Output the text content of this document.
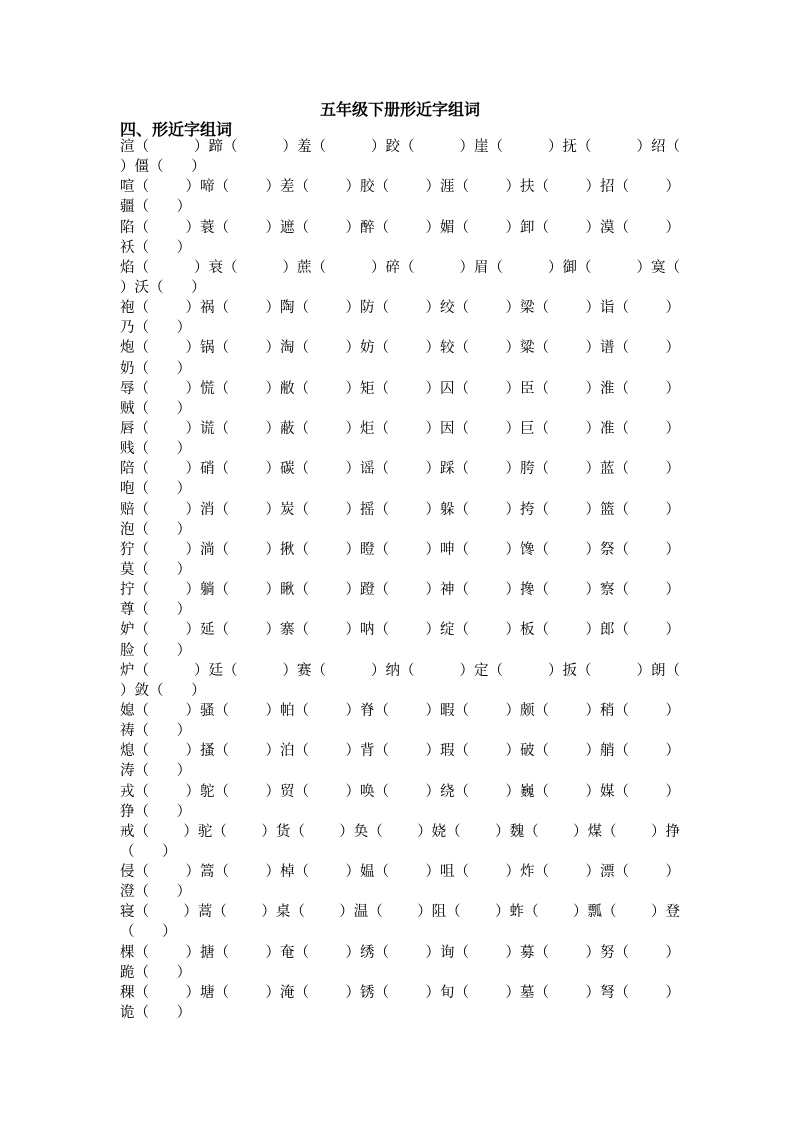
五年级下册形近字组词
四、形近字组词
渲（	）蹄（	）羞（	）跤（	）崖（	）抚（	）绍（
）僵（ ）
喧（	）啼（	）差（	）胶（	）涯（	）扶（	）招（	）
疆（ ）
陷（	）蓑（	）遮（	）醉（	）媚（	）卸（	）漠（	）
袄（ ）
焰（	）衰（	）蔗（	）碎（	）眉（	）御（	）寞（
）沃（ ）
袍（	）祸（	）陶（	）防（	）绞（	）梁（	）诣（	）
乃（ ）
炮（	）锅（	）淘（	）妨（	）较（	）粱（	）谱（	）
奶（ ）
辱（	）慌（	）敝（	）矩（	）囚（	）臣（	）淮（	）
贼（ ）
唇（	）谎（	）蔽（	）炬（	）因（	）巨（	）准（	）
贱（ ）
陪（	）硝（	）碳（	）谣（	）踩（	）胯（	）蓝（	）
咆（ ）
赔（	）消（	）炭（	）摇（	）躲（	）挎（	）篮（	）
泡（ ）
狞（	）淌（	）揪（	）瞪（	）呻（	）馋（	）祭（	）
莫（ ）
拧（	）躺（	）瞅（	）蹬（	）神（	）搀（	）察（	）
尊（ ）
妒（	）延（	）寨（	）呐（	）绽（	）板（	）郎（	）
脸（ ）
炉（	）廷（	）赛（	）纳（	）定（	）扳（	）朗（
）敛（ ）
媳（	）骚（	）帕（	）脊（	）暇（	）颇（	）稍（	）
祷（ ）
熄（	）搔（	）泊（	）背（	）瑕（	）破（	）艄（	）
涛（ ）
戎（	）鸵（	）贸（	）唤（	）绕（	）巍（	）媒（	）
狰（ ）
戒（ ）驼（ ）货（ ）奂（ ）娆（ ）魏（ ）煤（ ）挣
（ ）
侵（	）篙（	）棹（	）媪（	）咀（	）炸（	）漂（	）
澄（ ）
寝（ ）蒿（ ）桌（ ）温（ ）阻（ ）蚱（ ）瓢（ ）登
（ ）
棵（	）搪（	）奄（	）绣（	）询（	）募（	）努（	）
跪（ ）
稞（	）塘（	）淹（	）锈（	）旬（	）墓（	）弩（	）
诡（ ）
